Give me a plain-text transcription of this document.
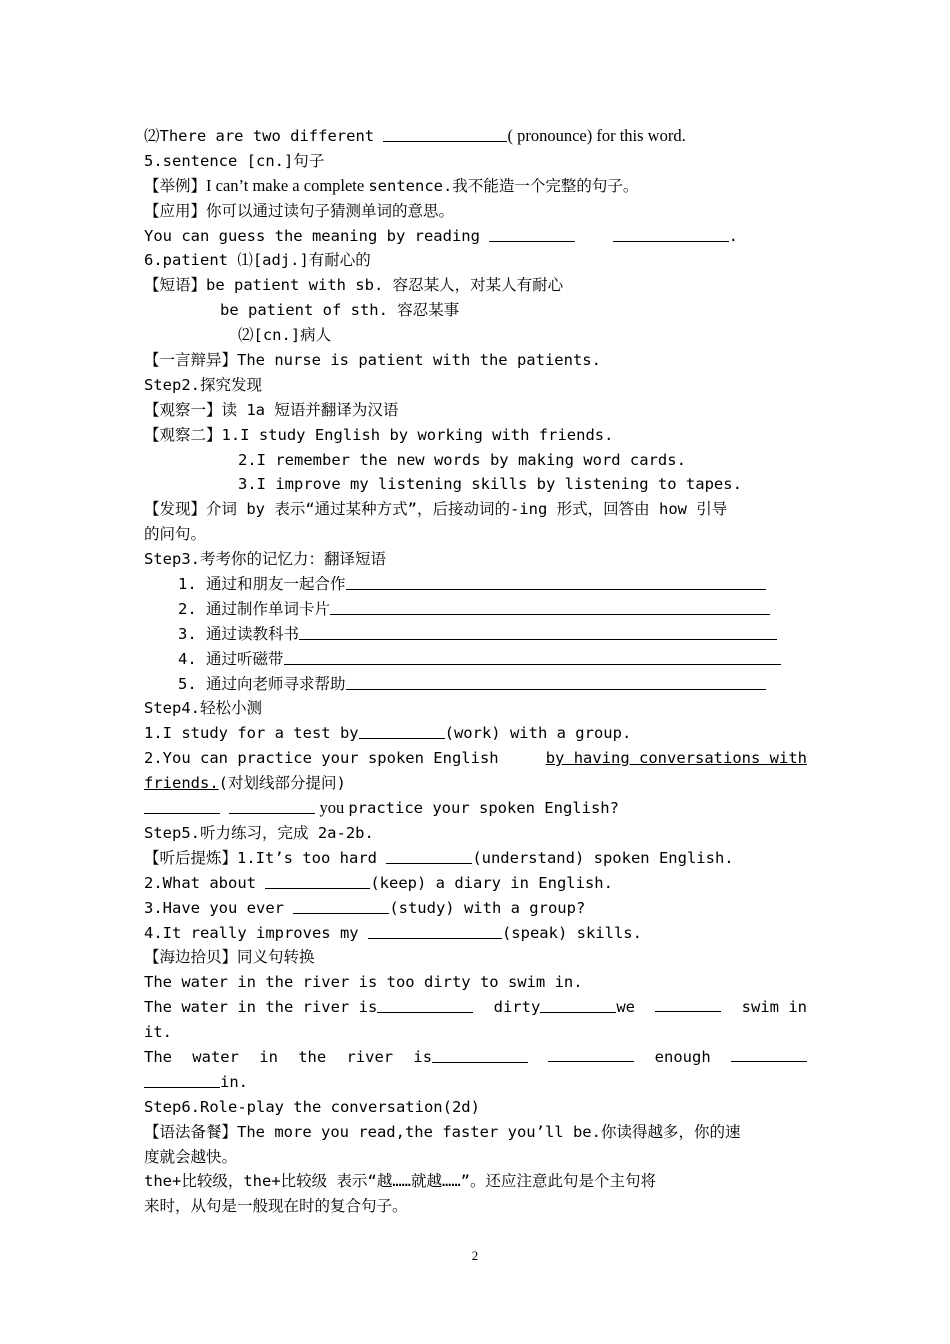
⑵There are two different	( pronounce) for this word.
5.sentence [cn.]句子
【举例】I can’t make a complete sentence.我不能造一个完整的句子。
【应用】你可以通过读句子猜测单词的意思。
You can guess the meaning by reading	.
6.patient ⑴[adj.]有耐心的
【短语】be patient with sb. 容忍某人，对某人有耐心
be patient of sth. 容忍某事
⑵[cn.]病人
【一言辩异】The nurse is patient with the patients.
Step2.探究发现
【观察一】读 1a 短语并翻译为汉语
【观察二】1.I study English by working with friends.
2.I remember the new words by making word cards.
3.I improve my listening skills by listening to tapes.
【发现】介词 by 表示“通过某种方式”，后接动词的-ing 形式，回答由 how 引导
的问句。
Step3.考考你的记忆力：翻译短语
1. 通过和朋友一起合作
2. 通过制作单词卡片
3. 通过读教科书
4. 通过听磁带
5. 通过向老师寻求帮助
Step4.轻松小测
1.I study for a test by	(work) with a group.
2.You can practice your spoken English	by having conversations with
friends.(对划线部分提问)
you practice your spoken English?
Step5.听力练习，完成 2a-2b.
【听后提炼】1.It’s too hard	(understand) spoken English.
2.What about	(keep) a diary in English.
3.Have you ever	(study) with a group?
4.It really improves my	(speak) skills.
【海边拾贝】同义句转换
The water in the river is too dirty to swim in.
The water in the river is	dirty	we	swim in
it.
The water in the river is	enough
in.
Step6.Role-play the conversation(2d)
【语法备餐】The more you read,the faster you’ll be.你读得越多，你的速
度就会越快。
the+比较级，the+比较级 表示“越……就越……”。还应注意此句是个主句将
来时，从句是一般现在时的复合句子。
2
